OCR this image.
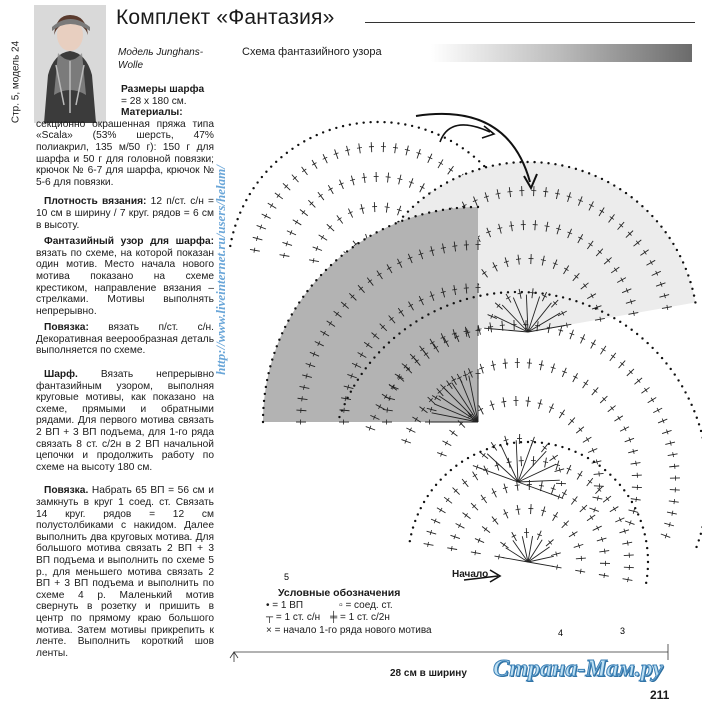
Комплект «Фантазия»
Стр. 5, модель 24	Модель Junghans-Wolle
Схема фантазийного узора
http://www.liveinternet.ru/users/helam/

Размеры шарфа
= 28 х 180 см.

Материалы:

секционно окрашенная пряжа типа «Scala» (53% шерсть, 47% полиакрил, 135 м/50 г): 150 г для шарфа и 50 г для головной повязки; крючок № 6-7 для шарфа, крючок № 5-6 для повязки.

Плотность вязания: 12 п/ст. с/н = 10 см в ширину / 7 круг. рядов = 6 см в высоту.

Фантазийный узор для шарфа: вязать по схеме, на которой показан один мотив. Место начала нового мотива показано на схеме крестиком, направление вязания – стрелками. Мотивы выполнять непрерывно.

Повязка: вязать п/ст. с/н. Декоративная веерообразная деталь выполняется по схеме.

Шарф. Вязать непрерывно фантазийным узором, выполняя круговые мотивы, как показано на схеме, прямыми и обратными рядами. Для первого мотива связать 2 ВП + 3 ВП подъема, для 1-го ряда связать 8 ст. с/2н в 2 ВП начальной цепочки и продолжить работу по схеме на высоту 180 см.

Повязка. Набрать 65 ВП = 56 см и замкнуть в круг 1 соед. ст. Связать 14 круг. рядов = 12 см полустолбиками с накидом. Далее выполнить два круговых мотива. Для большого мотива связать 2 ВП + 3 ВП подъема и выполнить по схеме 5 р., для меньшего мотива связать 2 ВП + 3 ВП подъема и выполнить по схеме 4 р. Маленький мотив свернуть в розетку и пришить в центр по прямому краю большого мотива. Затем мотивы прикрепить к ленте. Выполнить короткий шов ленты.

5
4	3
Начало
Условные обозначения
• = 1 ВП	▫ = соед. ст.
┬ = 1 ст. с/н ╪ = 1 ст. с/2н
× = начало 1-го ряда нового мотива
28 см в ширину Страна-Мам.ру
211
